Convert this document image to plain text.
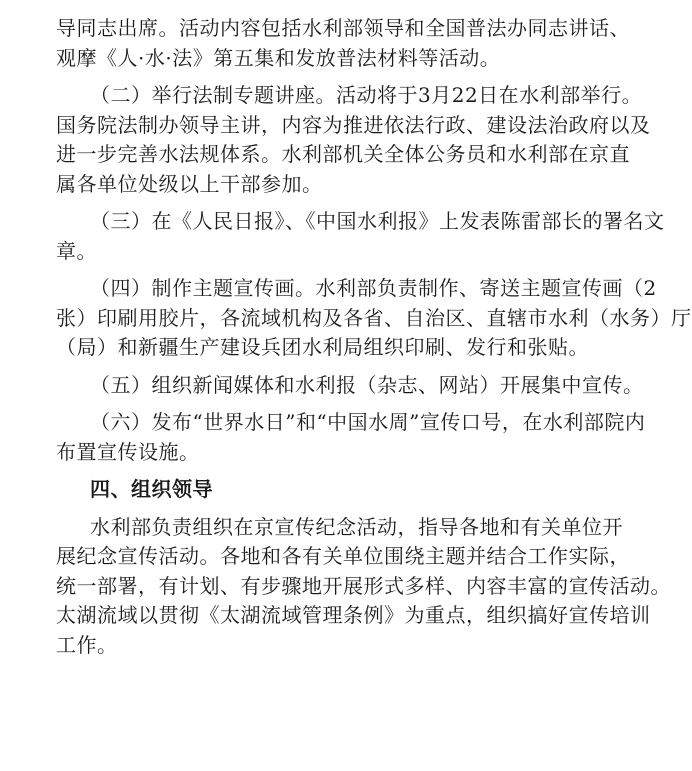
导同志出席。活动内容包括水利部领导和全国普法办同志讲话、
观摩《人·水·法》第五集和发放普法材料等活动。
（二）举行法制专题讲座。活动将于3月22日在水利部举行。
国务院法制办领导主讲，内容为推进依法行政、建设法治政府以及
进一步完善水法规体系。水利部机关全体公务员和水利部在京直
属各单位处级以上干部参加。
（三）在《人民日报》、《中国水利报》上发表陈雷部长的署名文
章。
（四）制作主题宣传画。水利部负责制作、寄送主题宣传画（2
张）印刷用胶片，各流域机构及各省、自治区、直辖市水利（水务）厅
（局）和新疆生产建设兵团水利局组织印刷、发行和张贴。
（五）组织新闻媒体和水利报（杂志、网站）开展集中宣传。
（六）发布“世界水日”和“中国水周”宣传口号，在水利部院内
布置宣传设施。
四、组织领导
水利部负责组织在京宣传纪念活动，指导各地和有关单位开
展纪念宣传活动。各地和各有关单位围绕主题并结合工作实际，
统一部署，有计划、有步骤地开展形式多样、内容丰富的宣传活动。
太湖流域以贯彻《太湖流域管理条例》为重点，组织搞好宣传培训
工作。
